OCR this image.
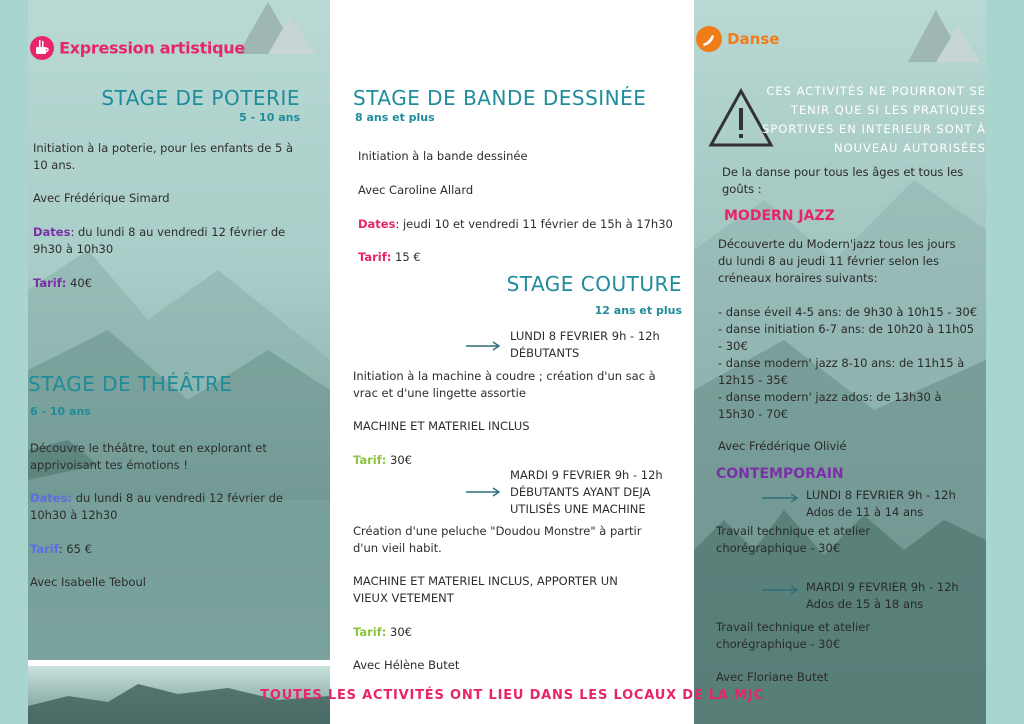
Expression artistique
STAGE DE POTERIE
5 - 10 ans
Initiation à la poterie, pour les enfants de 5 à
10 ans.
Avec Frédérique Simard
Dates: du lundi 8 au vendredi 12 février de
9h30 à 10h30
Tarif: 40€
STAGE DE THÉÂTRE
6 - 10 ans
Découvre le théâtre, tout en explorant et
apprivoisant tes émotions !
Dates: du lundi 8 au vendredi 12 février de
10h30 à 12h30
Tarif: 65 €
Avec Isabelle Teboul
STAGE DE BANDE DESSINÉE
8 ans et plus
Initiation à la bande dessinée
Avec Caroline Allard
Dates: jeudi 10 et vendredi 11 février de 15h à 17h30
Tarif: 15 €
STAGE COUTURE
12 ans et plus
LUNDI 8 FEVRIER 9h - 12h
DÉBUTANTS
Initiation à la machine à coudre ; création d'un sac à
vrac et d'une lingette assortie
MACHINE ET MATERIEL INCLUS
Tarif: 30€
MARDI 9 FEVRIER 9h - 12h
DÉBUTANTS AYANT DEJA
UTILISÉS UNE MACHINE
Création d'une peluche "Doudou Monstre" à partir
d'un vieil habit.
MACHINE ET MATERIEL INCLUS, APPORTER UN
VIEUX VETEMENT
Tarif: 30€
Avec Hélène Butet
Danse
CES ACTIVITÉS NE POURRONT SE
TENIR QUE SI LES PRATIQUES
SPORTIVES EN INTERIEUR SONT À
NOUVEAU AUTORISÉES
De la danse pour tous les âges et tous les
goûts :
MODERN JAZZ
Découverte du Modern'jazz tous les jours
du lundi 8 au jeudi 11 février selon les
créneaux horaires suivants:
- danse éveil 4-5 ans: de 9h30 à 10h15 - 30€
- danse initiation 6-7 ans: de 10h20 à 11h05
- 30€
- danse modern' jazz 8-10 ans: de 11h15 à
12h15 - 35€
- danse modern' jazz ados: de 13h30 à
15h30 - 70€
Avec Frédérique Olivié
CONTEMPORAIN
LUNDI 8 FEVRIER 9h - 12h
Ados de 11 à 14 ans
Travail technique et atelier
chorégraphique - 30€
MARDI 9 FEVRIER 9h - 12h
Ados de 15 à 18 ans
Travail technique et atelier
chorégraphique - 30€
Avec Floriane Butet
TOUTES LES ACTIVITÉS ONT LIEU DANS LES LOCAUX DE LA MJC
